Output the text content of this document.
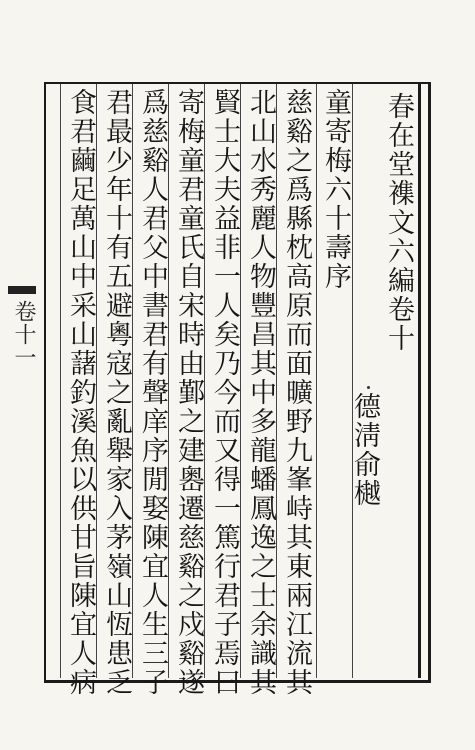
春在堂襍文六編卷十
德淸俞樾
童寄梅六十壽序
慈谿之爲縣枕高原而面曠野九峯峙其東兩江流其
北山水秀麗人物豐昌其中多龍蟠鳳逸之士余識其
賢士大夫益非一人矣乃今而又得一篤行君子焉曰
寄梅童君童氏自宋時由鄞之建嶴遷慈谿之戍谿遂
爲慈谿人君父中書君有聲庠序閒娶陳宜人生三子
君最少年十有五避粵寇之亂舉家入茅嶺山恆患乏
食君繭足萬山中采山藷釣溪魚以供甘旨陳宜人病
卷十一
